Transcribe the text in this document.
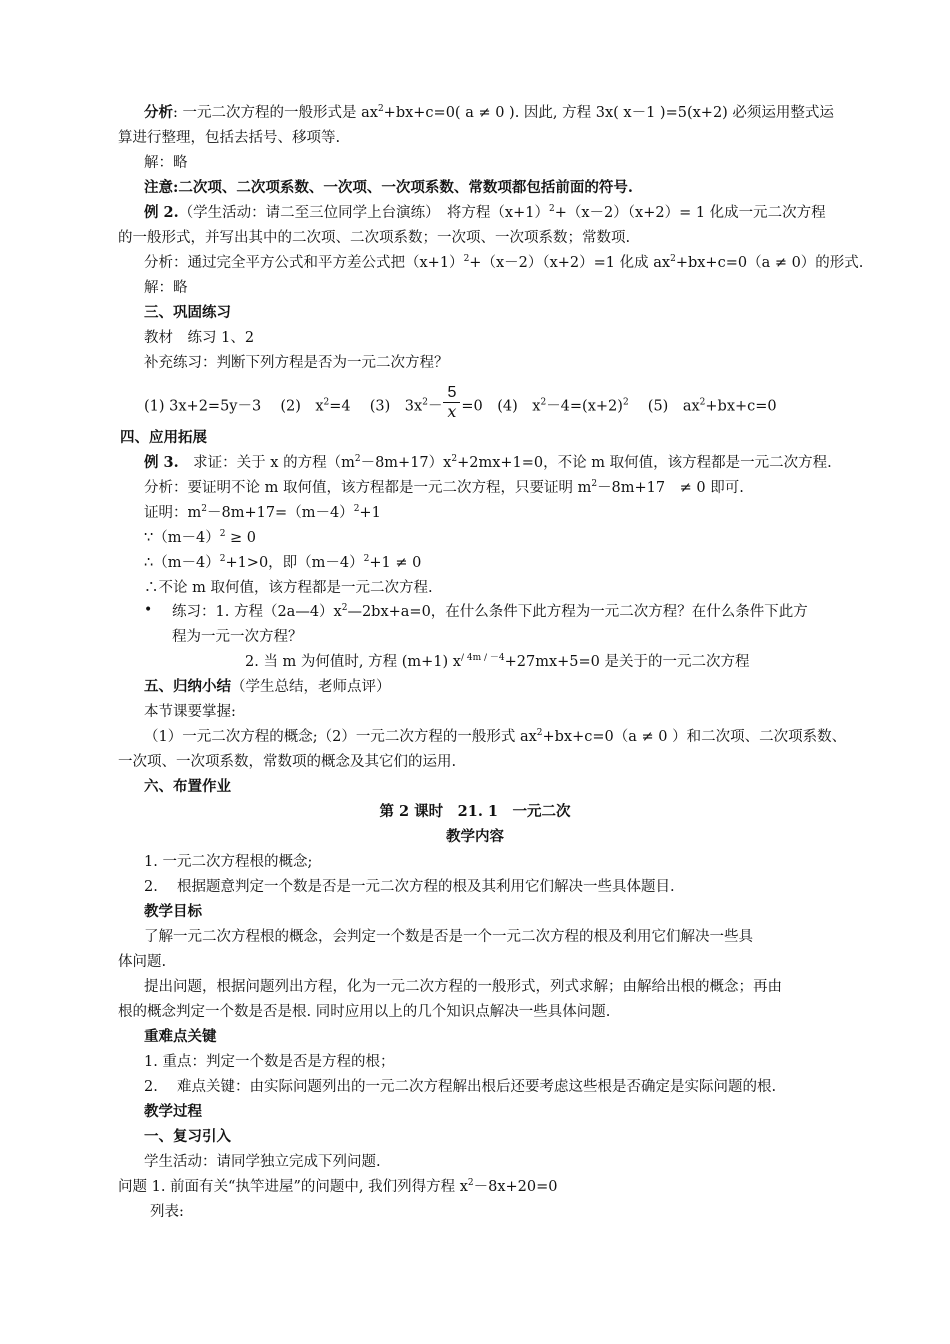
分析: 一元二次方程的一般形式是 $ax^2+bx+c=0$( a ≠ 0 ). 因此, 方程 3x( x－1 )=5(x+2) 必须运用整式运
算进行整理，包括去括号、移项等.
解：略
注意:二次项、二次项系数、一次项、一次项系数、常数项都包括前面的符号.
例 2.（学生活动：请二至三位同学上台演练）　将方程$(x+1)^2+(x-2)(x+2)= 1$ 化成一元二次方程
的一般形式，并写出其中的二次项、二次项系数；一次项、一次项系数；常数项.
分析：通过完全平方公式和平方差公式把$(x+1)^2+(x-2)(x+2)=1$ 化成 $ax^2+bx+c=0(a \ne 0)$的形式.
解：略
三、巩固练习
教材　练习 1、2
补充练习：判断下列方程是否为一元二次方程？
(1) 3x+2=5y－3　 (2)　$x^2=4$　 (3)　$3x^2- \frac{5}{x} =0$　(4)　$x^2-4=(x+2)^2$　 (5)　$ax^2+bx+c=0$
四、应用拓展
例 3.　求证：关于 x 的方程$(m^2-8m+17)x^2+2mx+1=0$，不论 m 取何值，该方程都是一元二次方程.
分析：要证明不论 m 取何值，该方程都是一元二次方程，只要证明 $m^2-8m+17$　≠ 0 即可.
证明：$m^2-8m+17=(m-4)^2+1$
$\because(m-4)^2 \ge 0$
$\therefore(m-4)^2+1>0$，即$(m-4)^2+1 \ne 0$
∴不论 m 取何值，该方程都是一元二次方程.
• 练习：1. 方程$(2a—4)x^2—2bx+a=0$，在什么条件下此方程为一元二次方程？在什么条件下此方
程为一元一次方程？
2. 当 m 为何值时, 方程 (m+1) $x^{∕ 4m ∕ -4}+27mx+5=0$ 是关于的一元二次方程
五、归纳小结（学生总结，老师点评）
本节课要掌握:
（1）一元二次方程的概念;（2）一元二次方程的一般形式 $ax^2+bx+c=0(a \ne 0$ ）和二次项、二次项系数、
一次项、一次项系数，常数项的概念及其它们的运用.
六、布置作业
第 2 课时　21. 1　一元二次
教学内容
1. 一元二次方程根的概念;
2. 　根据题意判定一个数是否是一元二次方程的根及其利用它们解决一些具体题目.
教学目标
了解一元二次方程根的概念，会判定一个数是否是一个一元二次方程的根及利用它们解决一些具
体问题.
提出问题，根据问题列出方程，化为一元二次方程的一般形式，列式求解；由解给出根的概念；再由
根的概念判定一个数是否是根. 同时应用以上的几个知识点解决一些具体问题.
重难点关键
1. 重点：判定一个数是否是方程的根；
2. 　难点关键：由实际问题列出的一元二次方程解出根后还要考虑这些根是否确定是实际问题的根.
教学过程
一、复习引入
学生活动：请同学独立完成下列问题.
问题 1. 前面有关“执竿进屋”的问题中, 我们列得方程 $x^2-8x+20=0$
列表:
